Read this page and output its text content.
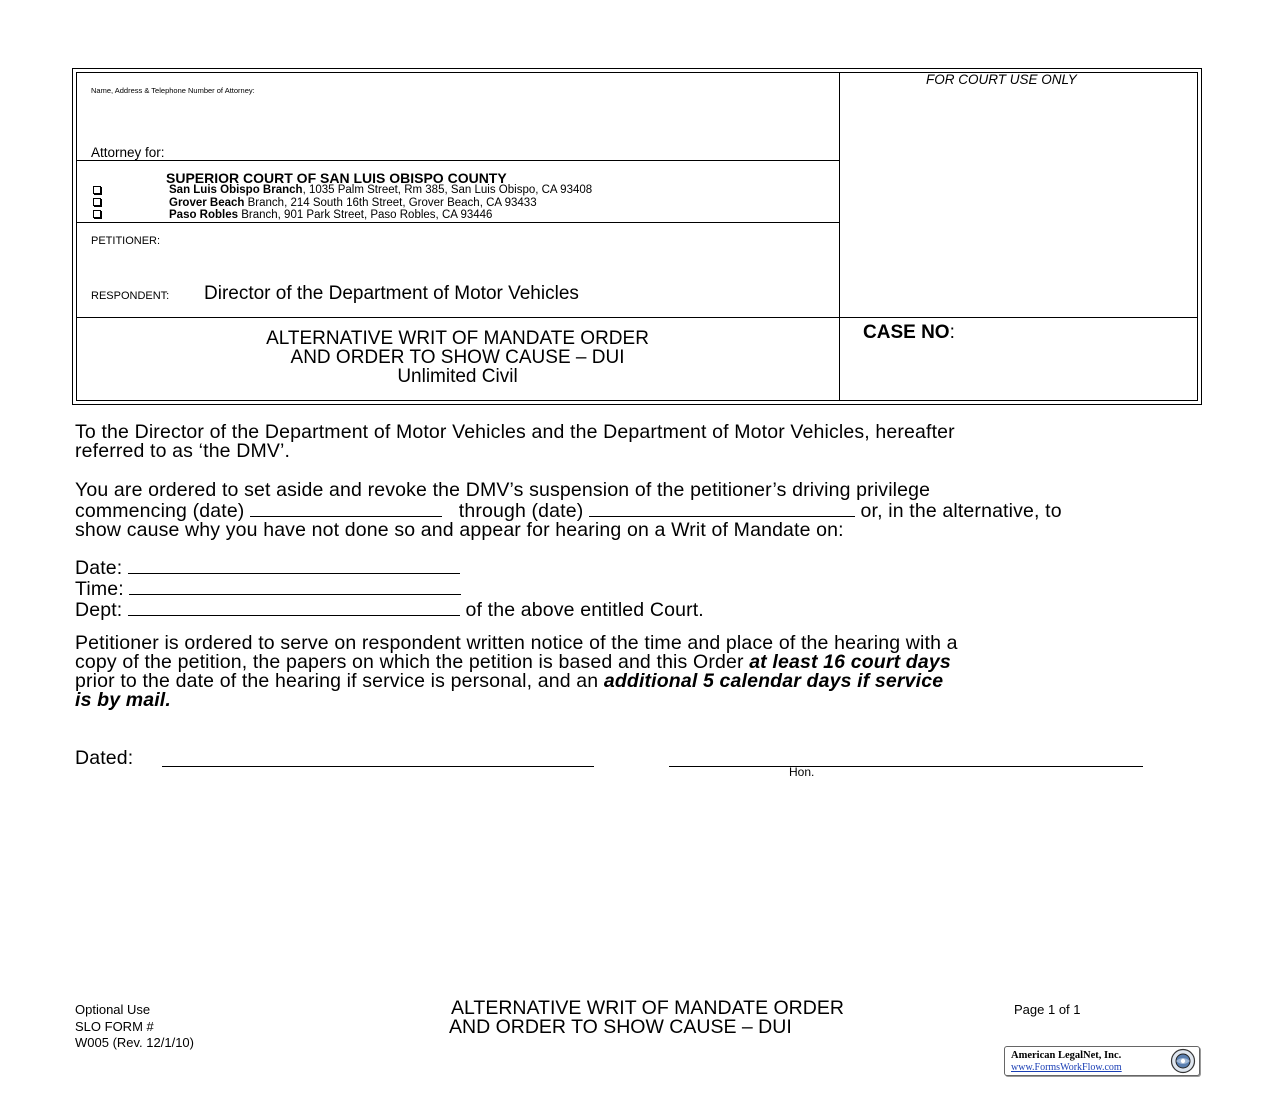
Name, Address & Telephone Number of Attorney:
Attorney for:
FOR COURT USE ONLY
SUPERIOR COURT OF SAN LUIS OBISPO COUNTY
San Luis Obispo Branch, 1035 Palm Street, Rm 385, San Luis Obispo, CA 93408
Grover Beach Branch, 214 South 16th Street, Grover Beach, CA 93433
Paso Robles Branch, 901 Park Street, Paso Robles, CA 93446
PETITIONER:
RESPONDENT: Director of the Department of Motor Vehicles
ALTERNATIVE WRIT OF MANDATE ORDER
AND ORDER TO SHOW CAUSE – DUI
Unlimited Civil
CASE NO:
To the Director of the Department of Motor Vehicles and the Department of Motor Vehicles, hereafter
referred to as ‘the DMV’.
You are ordered to set aside and revoke the DMV’s suspension of the petitioner’s driving privilege
commencing (date)	through (date)	or, in the alternative, to
show cause why you have not done so and appear for hearing on a Writ of Mandate on:
Date:
Time:
Dept:	of the above entitled Court.
Petitioner is ordered to serve on respondent written notice of the time and place of the hearing with a
copy of the petition, the papers on which the petition is based and this Order at least 16 court days
prior to the date of the hearing if service is personal, and an additional 5 calendar days if service
is by mail.
Dated:
Hon.
Optional Use
SLO FORM #
W005 (Rev. 12/1/10)
ALTERNATIVE WRIT OF MANDATE ORDER
AND ORDER TO SHOW CAUSE – DUI
Page 1 of 1
American LegalNet, Inc.
www.FormsWorkFlow.com
